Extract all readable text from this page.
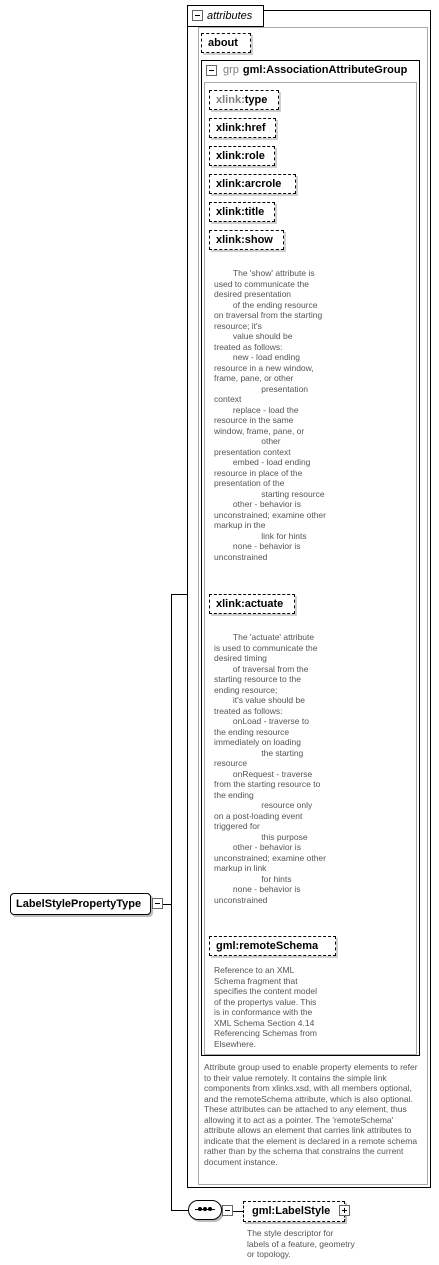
LabelStylePropertyType
attributes
about
grp gml:AssociationAttributeGroup
xlink:type
xlink:href
xlink:role
xlink:arcrole
xlink:title
xlink:show
The 'show' attribute is
used to communicate the
desired presentation
of the ending resource
on traversal from the starting
resource; it's
value should be
treated as follows:
new - load ending
resource in a new window,
frame, pane, or other
presentation
context
replace - load the
resource in the same
window, frame, pane, or
other
presentation context
embed - load ending
resource in place of the
presentation of the
starting resource
other - behavior is
unconstrained; examine other
markup in the
link for hints
none - behavior is
unconstrained
xlink:actuate
The 'actuate' attribute
is used to communicate the
desired timing
of traversal from the
starting resource to the
ending resource;
it's value should be
treated as follows:
onLoad - traverse to
the ending resource
immediately on loading
the starting
resource
onRequest - traverse
from the starting resource to
the ending
resource only
on a post-loading event
triggered for
this purpose
other - behavior is
unconstrained; examine other
markup in link
for hints
none - behavior is
unconstrained
gml:remoteSchema
Reference to an XML
Schema fragment that
specifies the content model
of the propertys value. This
is in conformance with the
XML Schema Section 4.14
Referencing Schemas from
Elsewhere.
Attribute group used to enable property elements to refer to their value remotely. It contains the simple link components from xlinks.xsd, with all members optional, and the remoteSchema attribute, which is also optional. These attributes can be attached to any element, thus allowing it to act as a pointer. The 'remoteSchema' attribute allows an element that carries link attributes to indicate that the element is declared in a remote schema rather than by the schema that constrains the current document instance.
gml:LabelStyle
The style descriptor for
labels of a feature, geometry
or topology.
